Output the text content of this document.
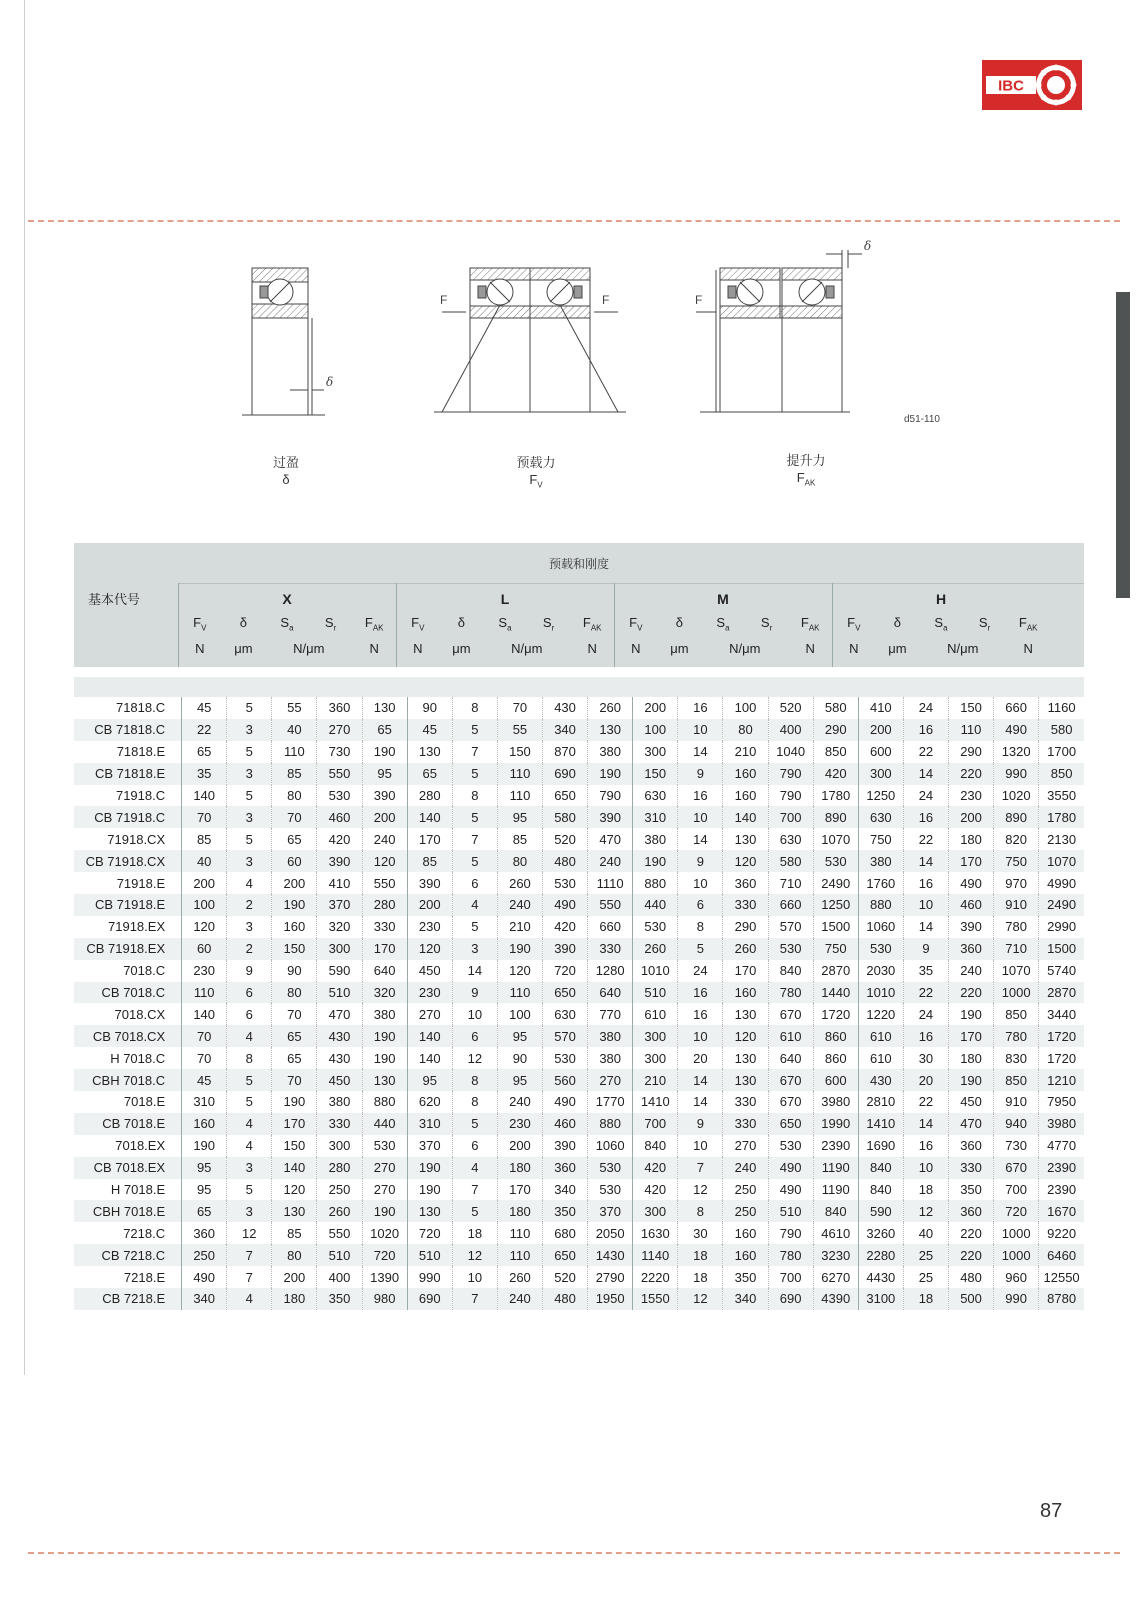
IBC
δ
F	F
δ
F
d51-110
过盈
δ
预载力
$F_V$
提升力
$F_{AK}$
预载和刚度
基本代号	X	L	M	H
$F_V$	δ	$S_a$	$S_r$	$F_{AK}$	$F_V$	δ	$S_a$	$S_r$	$F_{AK}$	$F_V$	δ	$S_a$	$S_r$	$F_{AK}$	$F_V$	δ	$S_a$	$S_r$	$F_{AK}$
N	μm	N/μm	N	N	μm	N/μm	N	N	μm	N/μm	N	N	μm	N/μm	N
71818.C	45	5	55	360	130	90	8	70	430	260	200	16	100	520	580	410	24	150	660	1160
CB 71818.C	22	3	40	270	65	45	5	55	340	130	100	10	80	400	290	200	16	110	490	580
71818.E	65	5	110	730	190	130	7	150	870	380	300	14	210	1040	850	600	22	290	1320	1700
CB 71818.E	35	3	85	550	95	65	5	110	690	190	150	9	160	790	420	300	14	220	990	850
71918.C	140	5	80	530	390	280	8	110	650	790	630	16	160	790	1780	1250	24	230	1020	3550
CB 71918.C	70	3	70	460	200	140	5	95	580	390	310	10	140	700	890	630	16	200	890	1780
71918.CX	85	5	65	420	240	170	7	85	520	470	380	14	130	630	1070	750	22	180	820	2130
CB 71918.CX	40	3	60	390	120	85	5	80	480	240	190	9	120	580	530	380	14	170	750	1070
71918.E	200	4	200	410	550	390	6	260	530	1110	880	10	360	710	2490	1760	16	490	970	4990
CB 71918.E	100	2	190	370	280	200	4	240	490	550	440	6	330	660	1250	880	10	460	910	2490
71918.EX	120	3	160	320	330	230	5	210	420	660	530	8	290	570	1500	1060	14	390	780	2990
CB 71918.EX	60	2	150	300	170	120	3	190	390	330	260	5	260	530	750	530	9	360	710	1500
7018.C	230	9	90	590	640	450	14	120	720	1280	1010	24	170	840	2870	2030	35	240	1070	5740
CB 7018.C	110	6	80	510	320	230	9	110	650	640	510	16	160	780	1440	1010	22	220	1000	2870
7018.CX	140	6	70	470	380	270	10	100	630	770	610	16	130	670	1720	1220	24	190	850	3440
CB 7018.CX	70	4	65	430	190	140	6	95	570	380	300	10	120	610	860	610	16	170	780	1720
H 7018.C	70	8	65	430	190	140	12	90	530	380	300	20	130	640	860	610	30	180	830	1720
CBH 7018.C	45	5	70	450	130	95	8	95	560	270	210	14	130	670	600	430	20	190	850	1210
7018.E	310	5	190	380	880	620	8	240	490	1770	1410	14	330	670	3980	2810	22	450	910	7950
CB 7018.E	160	4	170	330	440	310	5	230	460	880	700	9	330	650	1990	1410	14	470	940	3980
7018.EX	190	4	150	300	530	370	6	200	390	1060	840	10	270	530	2390	1690	16	360	730	4770
CB 7018.EX	95	3	140	280	270	190	4	180	360	530	420	7	240	490	1190	840	10	330	670	2390
H 7018.E	95	5	120	250	270	190	7	170	340	530	420	12	250	490	1190	840	18	350	700	2390
CBH 7018.E	65	3	130	260	190	130	5	180	350	370	300	8	250	510	840	590	12	360	720	1670
7218.C	360	12	85	550	1020	720	18	110	680	2050	1630	30	160	790	4610	3260	40	220	1000	9220
CB 7218.C	250	7	80	510	720	510	12	110	650	1430	1140	18	160	780	3230	2280	25	220	1000	6460
7218.E	490	7	200	400	1390	990	10	260	520	2790	2220	18	350	700	6270	4430	25	480	960	12550
CB 7218.E	340	4	180	350	980	690	7	240	480	1950	1550	12	340	690	4390	3100	18	500	990	8780
87
